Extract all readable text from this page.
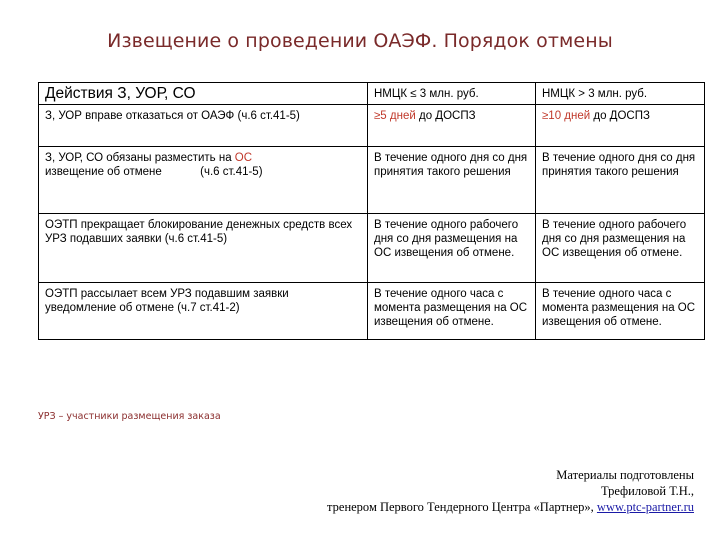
Извещение о проведении ОАЭФ. Порядок отмены
Действия З, УОР, СО	НМЦК ≤ 3 млн. руб.	НМЦК > 3 млн. руб.
З, УОР вправе отказаться от ОАЭФ (ч.6 ст.41-5)	≥5 дней до ДОСПЗ	≥10 дней до ДОСПЗ
З, УОР, СО обязаны разместить на ОС
извещение об отмене            (ч.6 ст.41-5)	В течение одного дня со дня принятия такого решения	В течение одного дня со дня принятия такого решения
ОЭТП прекращает блокирование денежных средств всех УРЗ подавших заявки (ч.6 ст.41-5)	В течение одного рабочего дня со дня размещения на ОС извещения об отмене.	В течение одного рабочего дня со дня размещения на ОС извещения об отмене.
ОЭТП рассылает всем УРЗ подавшим заявки уведомление об отмене (ч.7 ст.41-2)	В течение одного часа с момента размещения на ОС извещения об отмене.	В течение одного часа с момента размещения на ОС извещения об отмене.
УРЗ – участники размещения заказа
Материалы подготовлены
Трефиловой Т.Н.,
тренером Первого Тендерного Центра «Партнер», www.ptc-partner.ru
